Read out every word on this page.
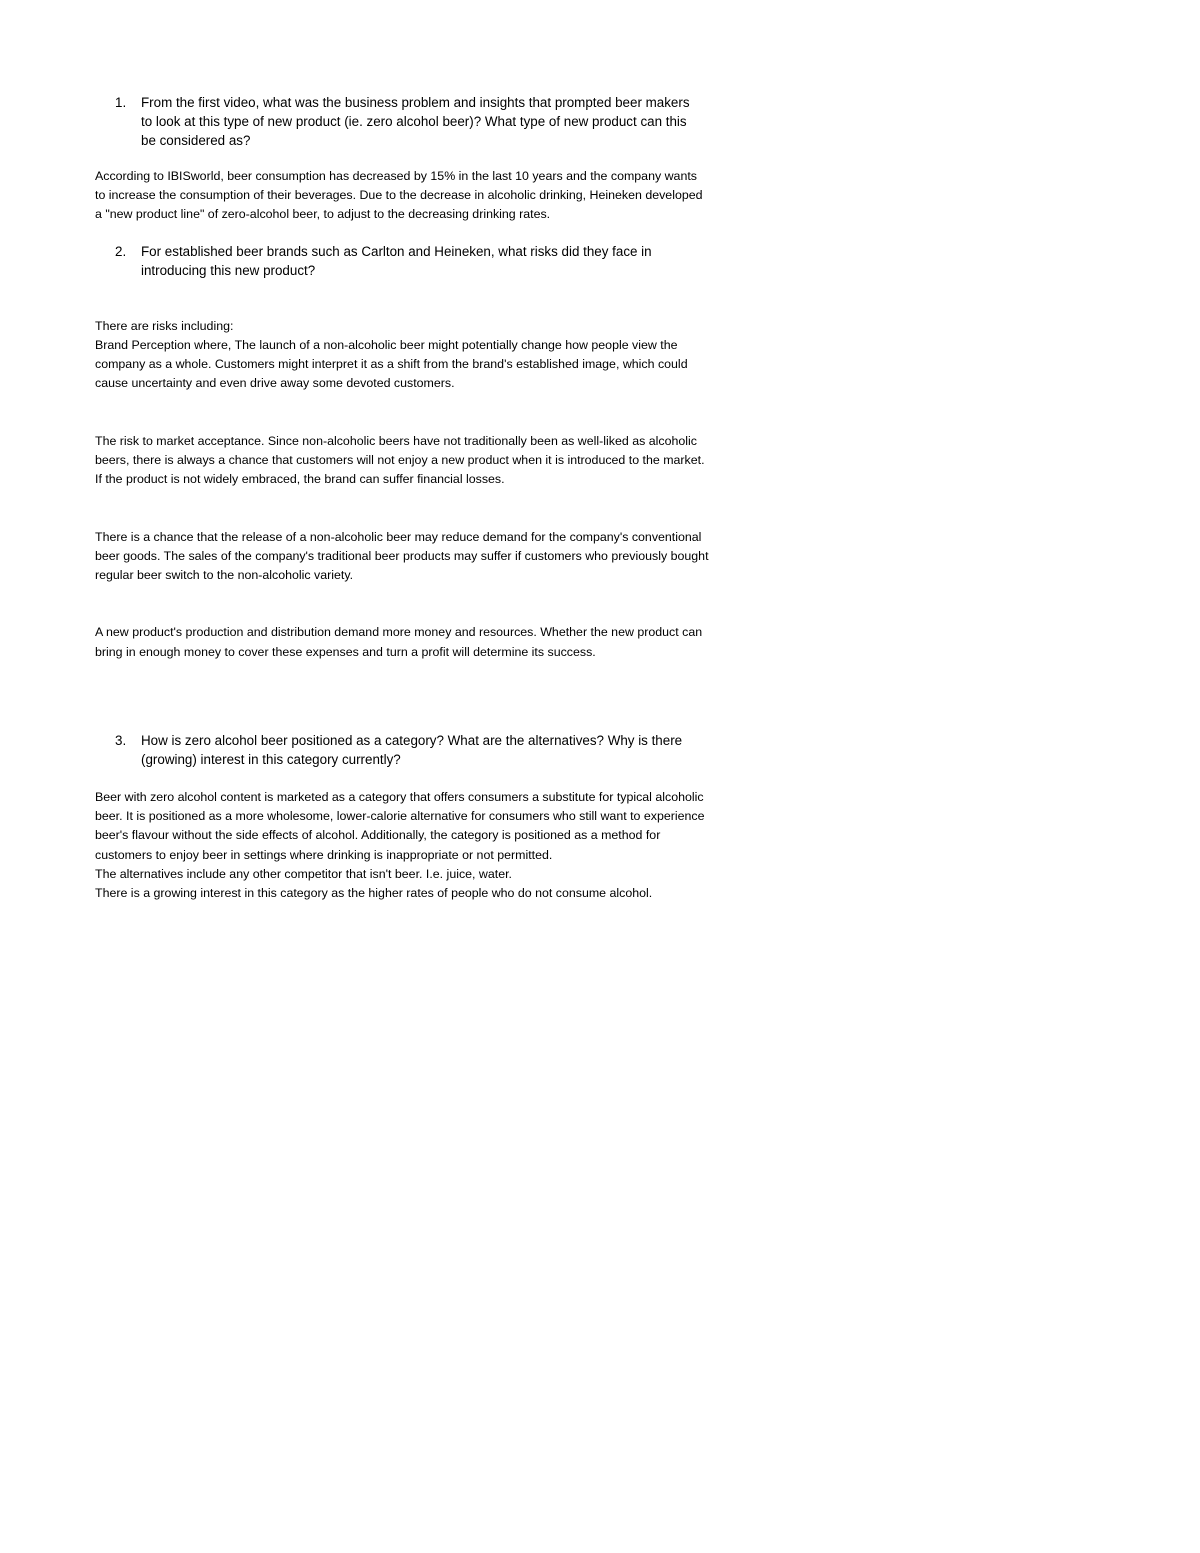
1.	From the first video, what was the business problem and insights that prompted beer makers to look at this type of new product (ie. zero alcohol beer)? What type of new product can this be considered as?
According to IBISworld, beer consumption has decreased by 15% in the last 10 years and the company wants to increase the consumption of their beverages. Due to the decrease in alcoholic drinking, Heineken developed a "new product line" of zero-alcohol beer, to adjust to the decreasing drinking rates.
2.	For established beer brands such as Carlton and Heineken, what risks did they face in introducing this new product?

There are risks including:
Brand Perception where, The launch of a non-alcoholic beer might potentially change how people view the company as a whole. Customers might interpret it as a shift from the brand's established image, which could cause uncertainty and even drive away some devoted customers.

The risk to market acceptance. Since non-alcoholic beers have not traditionally been as well-liked as alcoholic beers, there is always a chance that customers will not enjoy a new product when it is introduced to the market. If the product is not widely embraced, the brand can suffer financial losses.

There is a chance that the release of a non-alcoholic beer may reduce demand for the company's conventional beer goods. The sales of the company's traditional beer products may suffer if customers who previously bought regular beer switch to the non-alcoholic variety.

A new product's production and distribution demand more money and resources. Whether the new product can bring in enough money to cover these expenses and turn a profit will determine its success.

3.	How is zero alcohol beer positioned as a category? What are the alternatives? Why is there (growing) interest in this category currently?
Beer with zero alcohol content is marketed as a category that offers consumers a substitute for typical alcoholic beer. It is positioned as a more wholesome, lower-calorie alternative for consumers who still want to experience beer's flavour without the side effects of alcohol. Additionally, the category is positioned as a method for customers to enjoy beer in settings where drinking is inappropriate or not permitted.
The alternatives include any other competitor that isn't beer. I.e. juice, water.
There is a growing interest in this category as the higher rates of people who do not consume alcohol.
